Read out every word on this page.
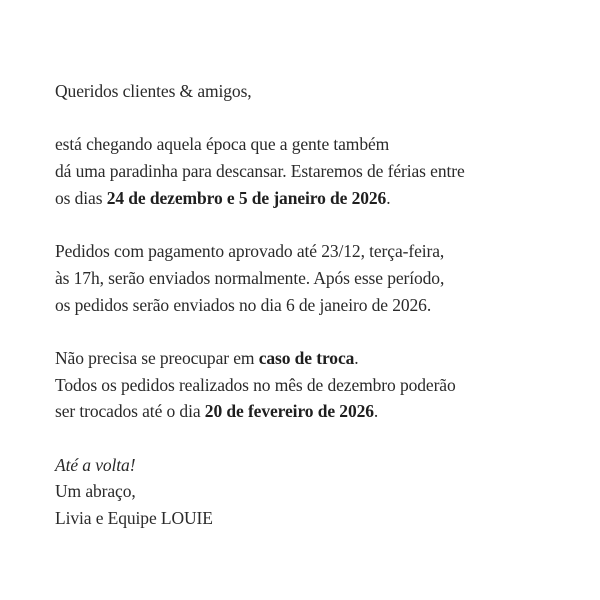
Queridos clientes & amigos,
está chegando aquela época que a gente também
dá uma paradinha para descansar. Estaremos de férias entre
os dias 24 de dezembro e 5 de janeiro de 2026.
Pedidos com pagamento aprovado até 23/12, terça-feira,
às 17h, serão enviados normalmente. Após esse período,
os pedidos serão enviados no dia 6 de janeiro de 2026.
Não precisa se preocupar em caso de troca.
Todos os pedidos realizados no mês de dezembro poderão
ser trocados até o dia 20 de fevereiro de 2026.
Até a volta!
Um abraço,
Livia e Equipe LOUIE
